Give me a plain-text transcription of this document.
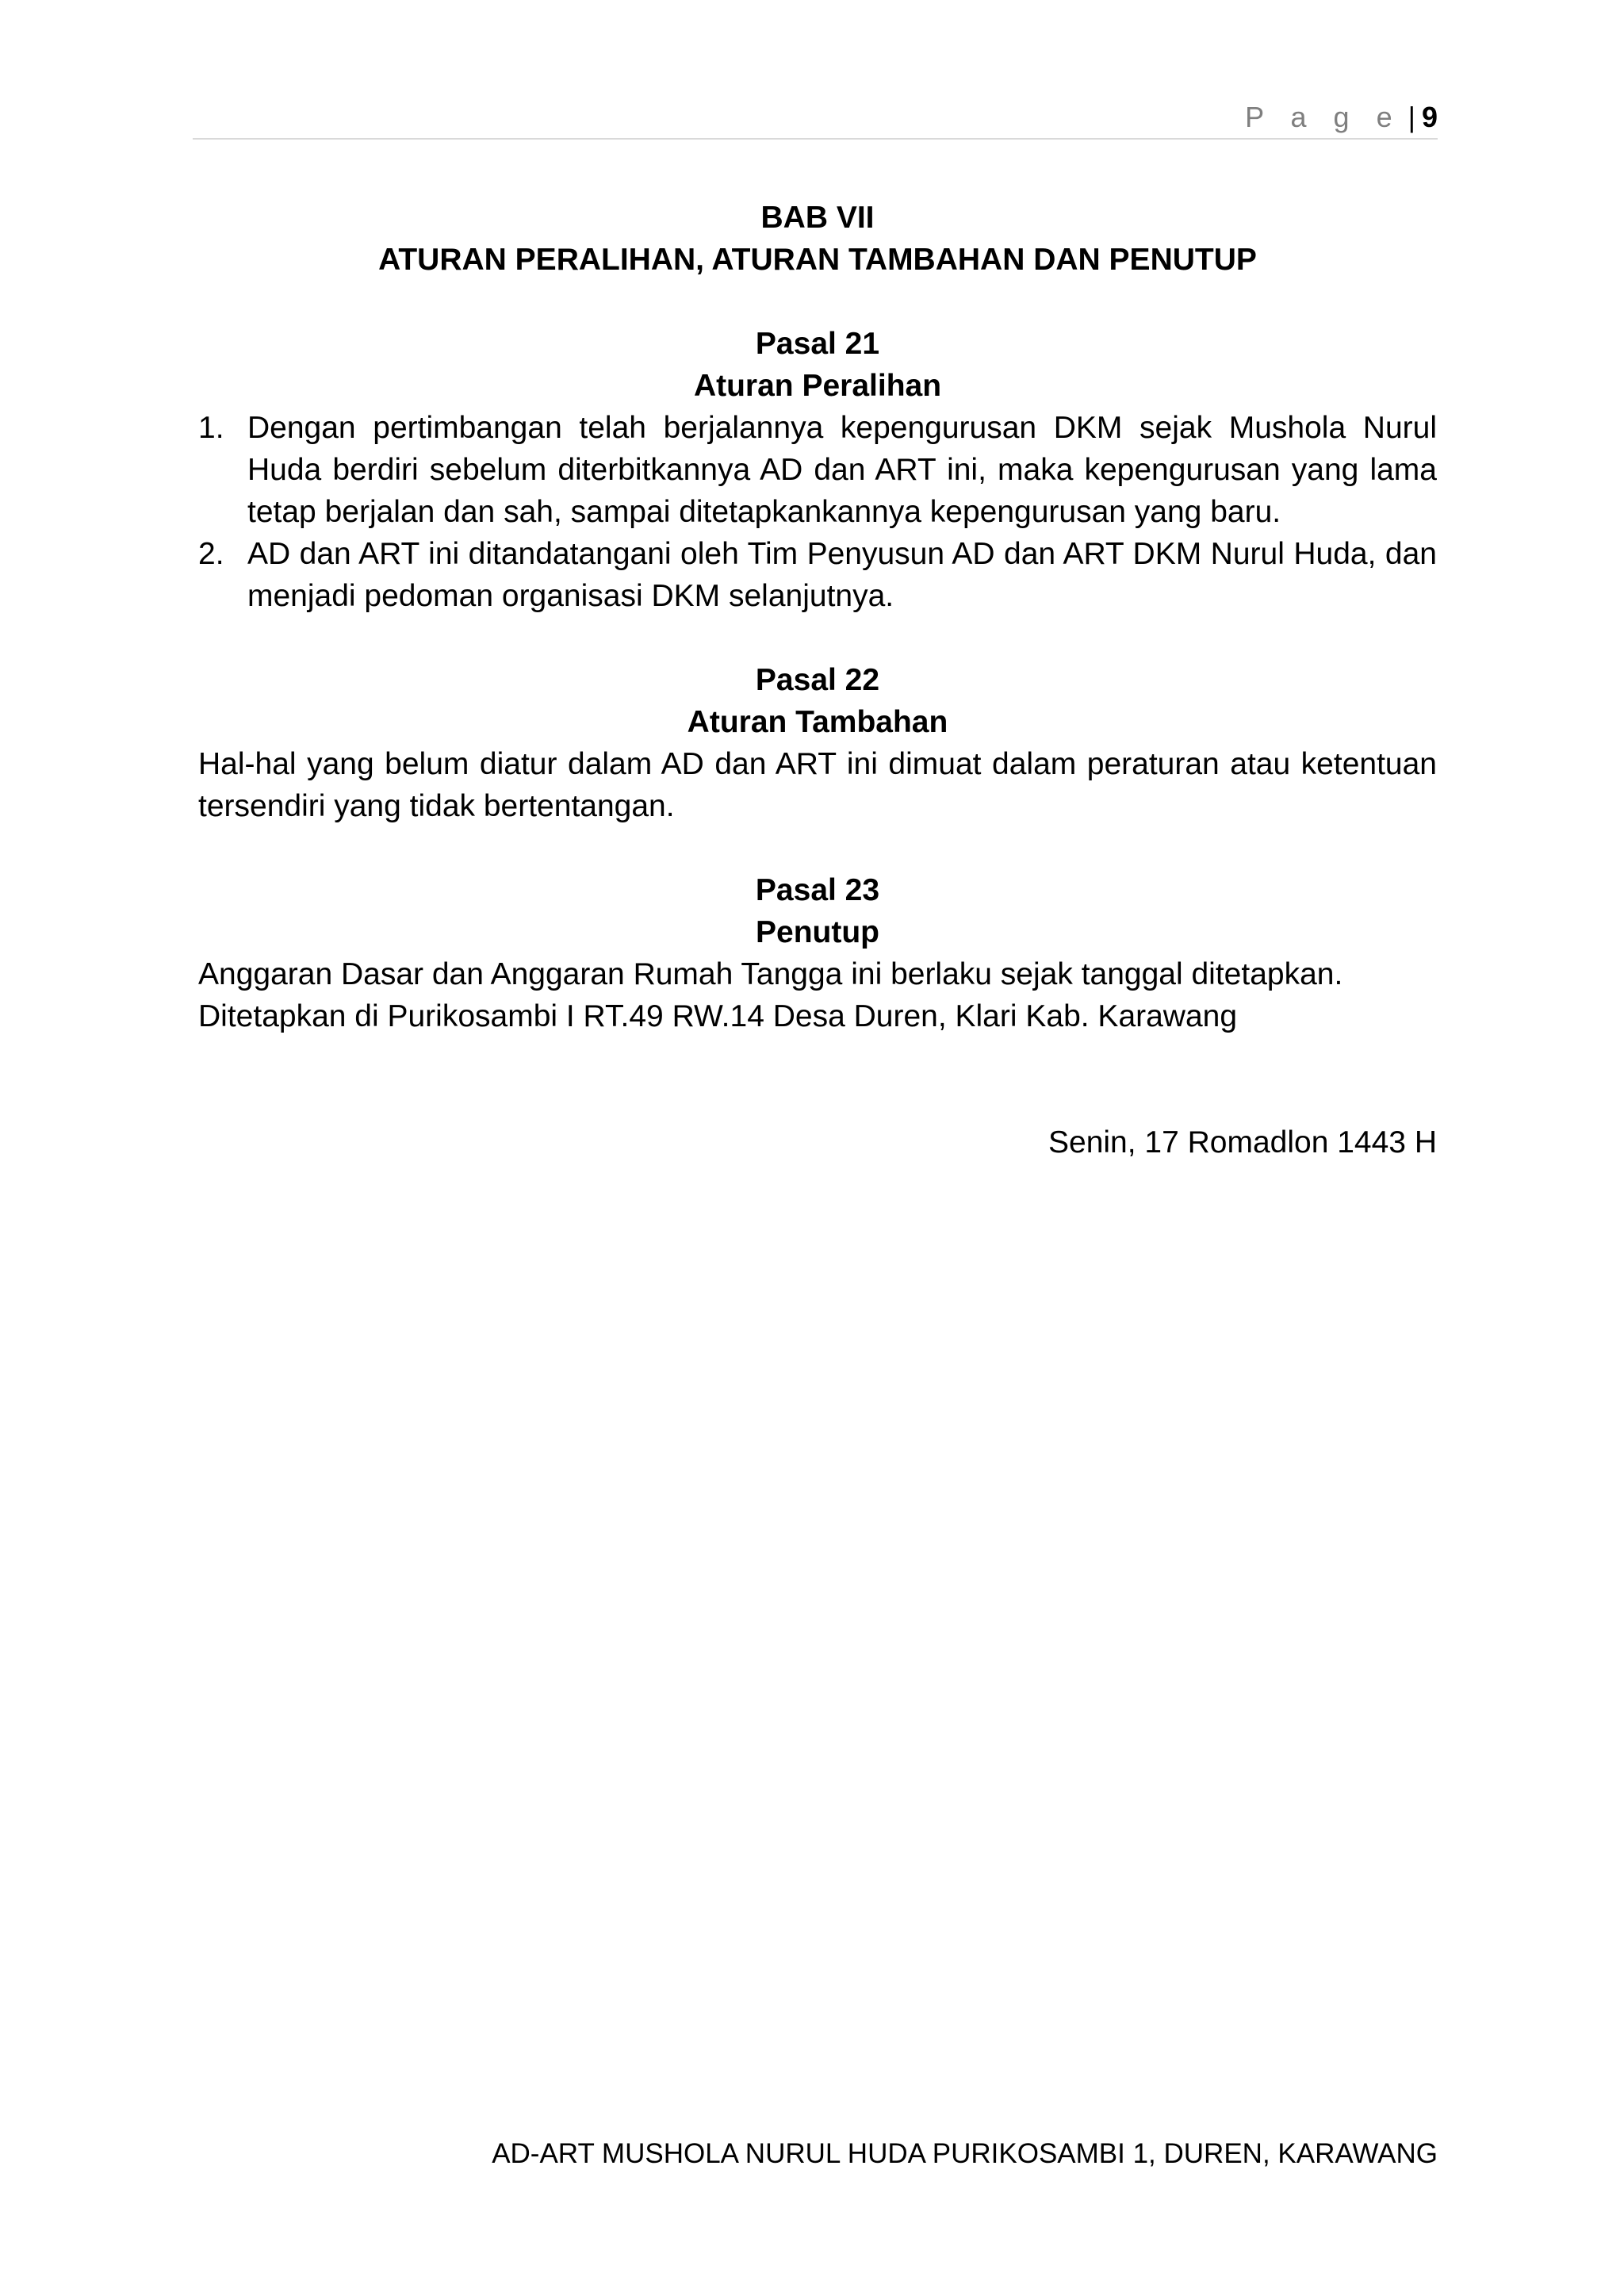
P a g e | 9
BAB VII
ATURAN PERALIHAN, ATURAN TAMBAHAN DAN PENUTUP
Pasal 21
Aturan Peralihan
1. Dengan pertimbangan telah berjalannya kepengurusan DKM sejak Mushola Nurul Huda berdiri sebelum diterbitkannya AD dan ART ini, maka kepengurusan yang lama tetap berjalan dan sah, sampai ditetapkankannya kepengurusan yang baru.
2. AD dan ART ini ditandatangani oleh Tim Penyusun AD dan ART DKM Nurul Huda, dan menjadi pedoman organisasi DKM selanjutnya.
Pasal 22
Aturan Tambahan
Hal-hal yang belum diatur dalam AD dan ART ini dimuat dalam peraturan atau ketentuan tersendiri yang tidak bertentangan.
Pasal 23
Penutup
Anggaran Dasar dan Anggaran Rumah Tangga ini berlaku sejak tanggal ditetapkan.
Ditetapkan di Purikosambi I RT.49 RW.14 Desa Duren, Klari Kab. Karawang
Senin, 17 Romadlon 1443 H
AD-ART MUSHOLA NURUL HUDA PURIKOSAMBI 1, DUREN, KARAWANG
